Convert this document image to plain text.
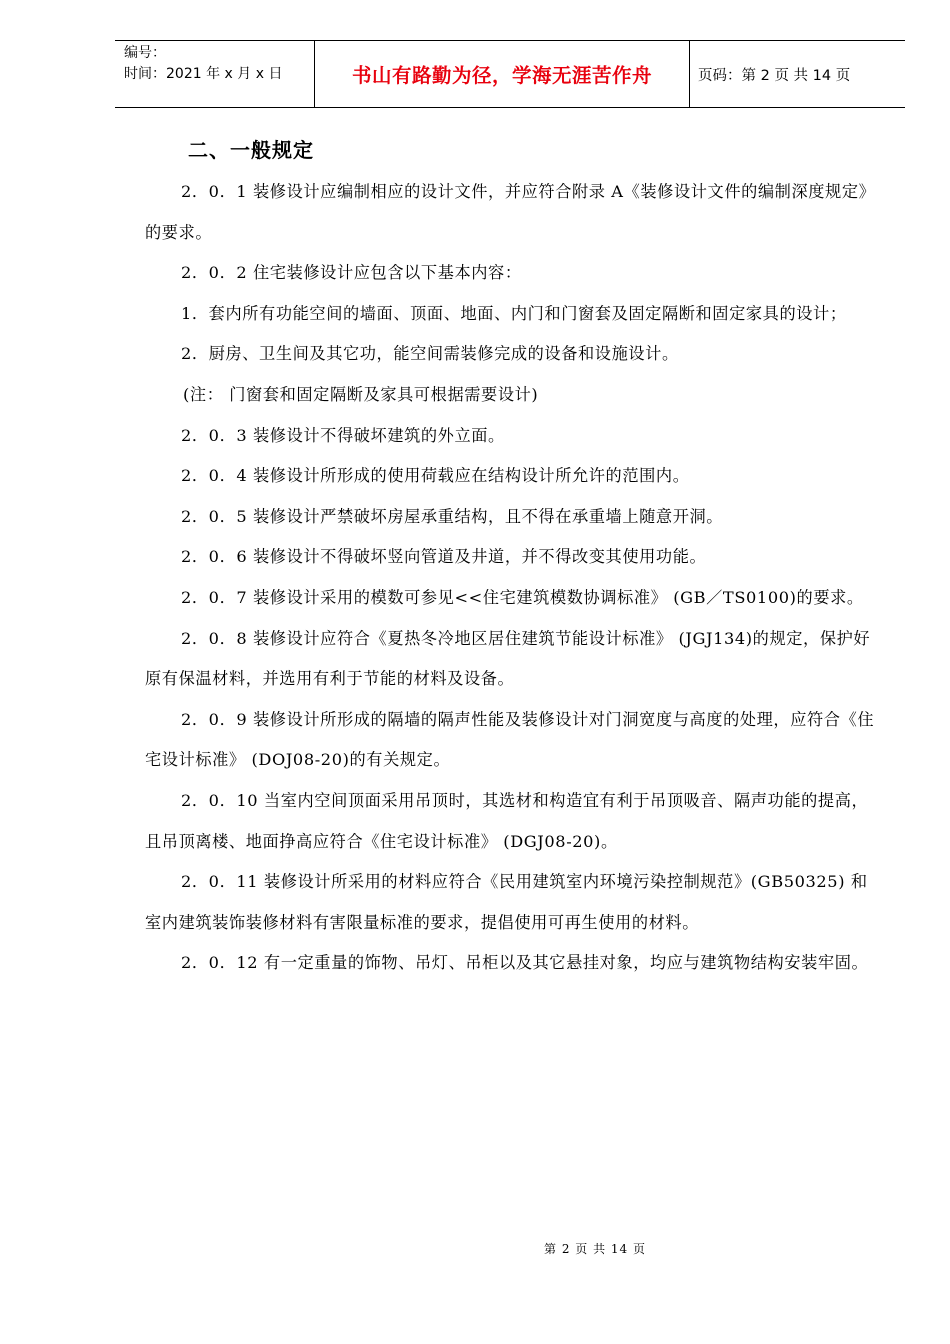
编号：
时间：2021 年 x 月 x 日	书山有路勤为径，学海无涯苦作舟	页码：第 2 页 共 14 页
二、一般规定

2．0．1 装修设计应编制相应的设计文件，并应符合附录 A《装修设计文件的编制深度规定》的要求。

2．0．2 住宅装修设计应包含以下基本内容：

1．套内所有功能空间的墙面、顶面、地面、内门和门窗套及固定隔断和固定家具的设计；

2．厨房、卫生间及其它功，能空间需装修完成的设备和设施设计。

(注： 门窗套和固定隔断及家具可根据需要设计)

2．0．3 装修设计不得破坏建筑的外立面。

2．0．4 装修设计所形成的使用荷载应在结构设计所允许的范围内。

2．0．5 装修设计严禁破坏房屋承重结构，且不得在承重墙上随意开洞。

2．0．6 装修设计不得破坏竖向管道及井道，并不得改变其使用功能。

2．0．7 装修设计采用的模数可参见<<住宅建筑模数协调标准》 (GB／TS0100)的要求。

2．0．8 装修设计应符合《夏热冬冷地区居住建筑节能设计标准》 (JGJ134)的规定，保护好原有保温材料，并选用有利于节能的材料及设备。

2．0．9 装修设计所形成的隔墙的隔声性能及装修设计对门洞宽度与高度的处理，应符合《住宅设计标准》 (DOJ08-20)的有关规定。

2．0．10 当室内空间顶面采用吊顶时，其选材和构造宜有利于吊顶吸音、隔声功能的提高，且吊顶离楼、地面挣高应符合《住宅设计标准》 (DGJ08-20)。

2．0．11 装修设计所采用的材料应符合《民用建筑室内环境污染控制规范》(GB50325) 和室内建筑装饰装修材料有害限量标准的要求，提倡使用可再生使用的材料。

2．0．12 有一定重量的饰物、吊灯、吊柜以及其它悬挂对象，均应与建筑物结构安装牢固。

第 2 页 共 14 页
